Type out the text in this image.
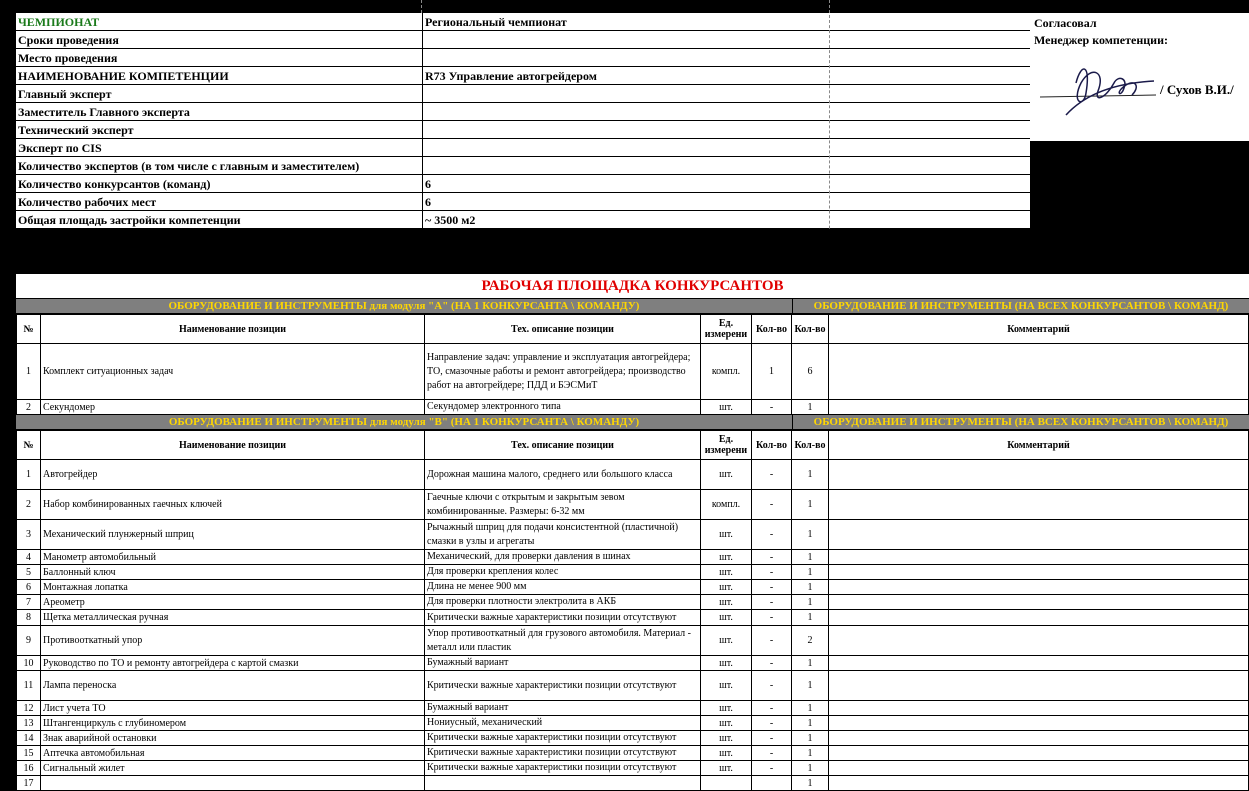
ЧЕМПИОНАТ	Региональный чемпионат
Сроки проведения
Место проведения
НАИМЕНОВАНИЕ КОМПЕТЕНЦИИ	R73 Управление автогрейдером
Главный эксперт
Заместитель Главного эксперта
Технический эксперт
Эксперт по CIS
Количество экспертов (в том числе с главным и заместителем)
Количество конкурсантов (команд)	6
Количество рабочих мест	6
Общая площадь застройки компетенции	~ 3500 м2
Согласовал
Менеджер компетенции:
/ Сухов В.И./
РАБОЧАЯ ПЛОЩАДКА КОНКУРСАНТОВ
ОБОРУДОВАНИЕ И ИНСТРУМЕНТЫ для модуля "А" (НА 1 КОНКУРСАНТА \ КОМАНДУ)	ОБОРУДОВАНИЕ И ИНСТРУМЕНТЫ (НА ВСЕХ КОНКУРСАНТОВ \ КОМАНД)
№	Наименование позиции	Тех. описание позиции	Ед. измерени	Кол-во	Кол-во	Комментарий
1	Комплект ситуационных задач	Направление задач: управление и эксплуатация автогрейдера; ТО, смазочные работы и ремонт автогрейдера; производство работ на автогрейдере; ПДД и БЭСМиТ	компл.	1	6	
2	Секундомер	Секундомер электронного типа	шт.	-	1	
ОБОРУДОВАНИЕ И ИНСТРУМЕНТЫ для модуля "В" (НА 1 КОНКУРСАНТА \ КОМАНДУ)	ОБОРУДОВАНИЕ И ИНСТРУМЕНТЫ (НА ВСЕХ КОНКУРСАНТОВ \ КОМАНД)
№	Наименование позиции	Тех. описание позиции	Ед. измерени	Кол-во	Кол-во	Комментарий
1	Автогрейдер	Дорожная машина малого, среднего или большого класса	шт.	-	1	
2	Набор комбинированных гаечных ключей	Гаечные ключи с открытым и закрытым зевом комбинированные. Размеры: 6-32 мм	компл.	-	1	
3	Механический плунжерный шприц	Рычажный шприц для подачи консистентной (пластичной) смазки в узлы и агрегаты	шт.	-	1	
4	Манометр автомобильный	Механический, для проверки давления в шинах	шт.	-	1	
5	Баллонный ключ	Для проверки крепления колес	шт.	-	1	
6	Монтажная лопатка	Длина не менее 900 мм	шт.	-	1	
7	Ареометр	Для проверки плотности электролита в АКБ	шт.	-	1	
8	Щетка металлическая ручная	Критически важные характеристики позиции отсутствуют	шт.	-	1	
9	Противооткатный упор	Упор противооткатный для грузового автомобиля. Материал - металл или пластик	шт.	-	2	
10	Руководство по ТО и ремонту автогрейдера с картой смазки	Бумажный вариант	шт.	-	1	
11	Лампа переноска	Критически важные характеристики позиции отсутствуют	шт.	-	1	
12	Лист учета ТО	Бумажный вариант	шт.	-	1	
13	Штангенциркуль с глубиномером	Нониусный, механический	шт.	-	1	
14	Знак аварийной остановки	Критически важные характеристики позиции отсутствуют	шт.	-	1	
15	Аптечка автомобильная	Критически важные характеристики позиции отсутствуют	шт.	-	1	
16	Сигнальный жилет	Критически важные характеристики позиции отсутствуют	шт.	-	1	
17					1	
